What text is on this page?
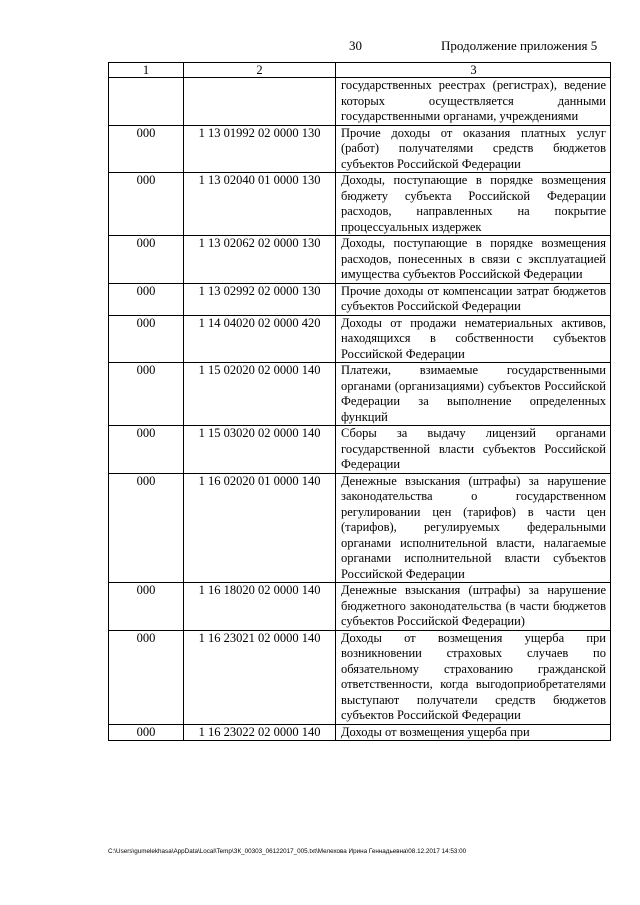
30	Продолжение приложения 5
1	2	3
		государственных реестрах (регистрах), ведение которых осуществляется данными государственными органами, учреждениями
000	1 13 01992 02 0000 130	Прочие доходы от оказания платных услуг (работ) получателями средств бюджетов субъектов Российской Федерации
000	1 13 02040 01 0000 130	Доходы, поступающие в порядке возмещения бюджету субъекта Российской Федерации расходов, направленных на покрытие процессуальных издержек
000	1 13 02062 02 0000 130	Доходы, поступающие в порядке возмещения расходов, понесенных в связи с эксплуатацией имущества субъектов Российской Федерации
000	1 13 02992 02 0000 130	Прочие доходы от компенсации затрат бюджетов субъектов Российской Федерации
000	1 14 04020 02 0000 420	Доходы от продажи нематериальных активов, находящихся в собственности субъектов Российской Федерации
000	1 15 02020 02 0000 140	Платежи, взимаемые государственными органами (организациями) субъектов Российской Федерации за выполнение определенных функций
000	1 15 03020 02 0000 140	Сборы за выдачу лицензий органами государственной власти субъектов Российской Федерации
000	1 16 02020 01 0000 140	Денежные взыскания (штрафы) за нарушение законодательства о государственном регулировании цен (тарифов) в части цен (тарифов), регулируемых федеральными органами исполнительной власти, налагаемые органами исполнительной власти субъектов Российской Федерации
000	1 16 18020 02 0000 140	Денежные взыскания (штрафы) за нарушение бюджетного законодательства (в части бюджетов субъектов Российской Федерации)
000	1 16 23021 02 0000 140	Доходы от возмещения ущерба при возникновении страховых случаев по обязательному страхованию гражданской ответственности, когда выгодоприобретателями выступают получатели средств бюджетов субъектов Российской Федерации
000	1 16 23022 02 0000 140	Доходы от возмещения ущерба при
C:\Users\gumelekhasa\AppData\Local\Temp\ЗК_00303_06122017_005.txt\Мелехова Ирина Геннадьевна\08.12.2017 14:53:00
